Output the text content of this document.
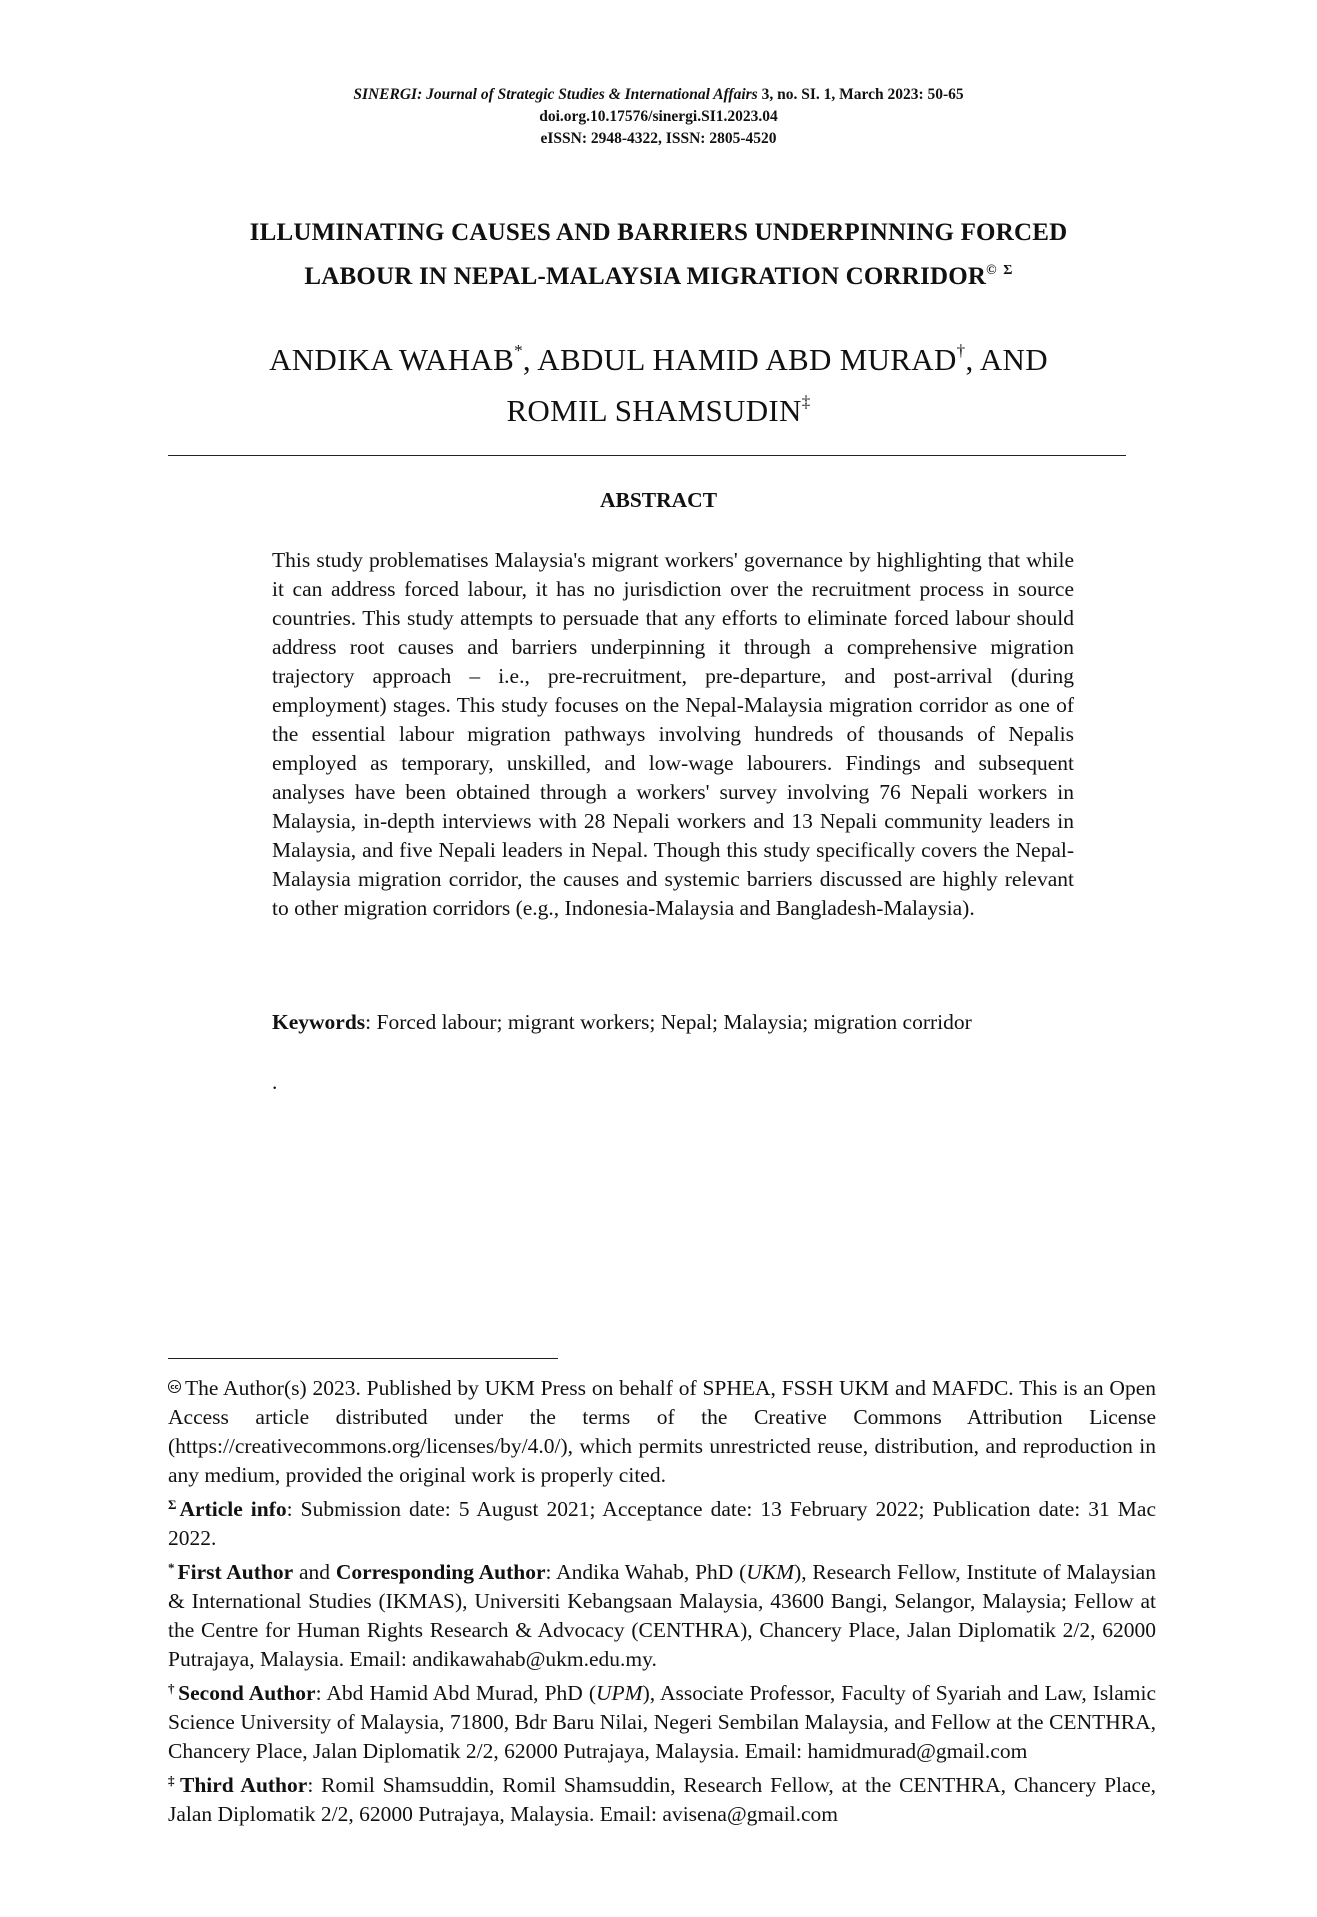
SINERGI: Journal of Strategic Studies & International Affairs 3, no. SI. 1, March 2023: 50-65
doi.org.10.17576/sinergi.SI1.2023.04
eISSN: 2948-4322, ISSN: 2805-4520
ILLUMINATING CAUSES AND BARRIERS UNDERPINNING FORCED
LABOUR IN NEPAL-MALAYSIA MIGRATION CORRIDOR© $^\Sigma$
ANDIKA WAHAB*, ABDUL HAMID ABD MURAD†, AND
ROMIL SHAMSUDIN‡
ABSTRACT

This study problematises Malaysia's migrant workers' governance by highlighting that while it can address forced labour, it has no jurisdiction over the recruitment process in source countries. This study attempts to persuade that any efforts to eliminate forced labour should address root causes and barriers underpinning it through a comprehensive migration trajectory approach – i.e., pre-recruitment, pre-departure, and post-arrival (during employment) stages. This study focuses on the Nepal-Malaysia migration corridor as one of the essential labour migration pathways involving hundreds of thousands of Nepalis employed as temporary, unskilled, and low-wage labourers. Findings and subsequent analyses have been obtained through a workers' survey involving 76 Nepali workers in Malaysia, in-depth interviews with 28 Nepali workers and 13 Nepali community leaders in Malaysia, and five Nepali leaders in Nepal. Though this study specifically covers the Nepal-Malaysia migration corridor, the causes and systemic barriers discussed are highly relevant to other migration corridors (e.g., Indonesia-Malaysia and Bangladesh-Malaysia).

Keywords: Forced labour; migrant workers; Nepal; Malaysia; migration corridor

.

cc The Author(s) 2023. Published by UKM Press on behalf of SPHEA, FSSH UKM and MAFDC. This is an Open Access article distributed under the terms of the Creative Commons Attribution License (https://creativecommons.org/licenses/by/4.0/), which permits unrestricted reuse, distribution, and reproduction in any medium, provided the original work is properly cited.

$^\Sigma$ Article info: Submission date: 5 August 2021; Acceptance date: 13 February 2022; Publication date: 31 Mac 2022.

* First Author and Corresponding Author: Andika Wahab, PhD (UKM), Research Fellow, Institute of Malaysian & International Studies (IKMAS), Universiti Kebangsaan Malaysia, 43600 Bangi, Selangor, Malaysia; Fellow at the Centre for Human Rights Research & Advocacy (CENTHRA), Chancery Place, Jalan Diplomatik 2/2, 62000 Putrajaya, Malaysia. Email: andikawahab@ukm.edu.my.

† Second Author: Abd Hamid Abd Murad, PhD (UPM), Associate Professor, Faculty of Syariah and Law, Islamic Science University of Malaysia, 71800, Bdr Baru Nilai, Negeri Sembilan Malaysia, and Fellow at the CENTHRA, Chancery Place, Jalan Diplomatik 2/2, 62000 Putrajaya, Malaysia. Email: hamidmurad@gmail.com

‡ Third Author: Romil Shamsuddin, Romil Shamsuddin, Research Fellow, at the CENTHRA, Chancery Place, Jalan Diplomatik 2/2, 62000 Putrajaya, Malaysia. Email: avisena@gmail.com
